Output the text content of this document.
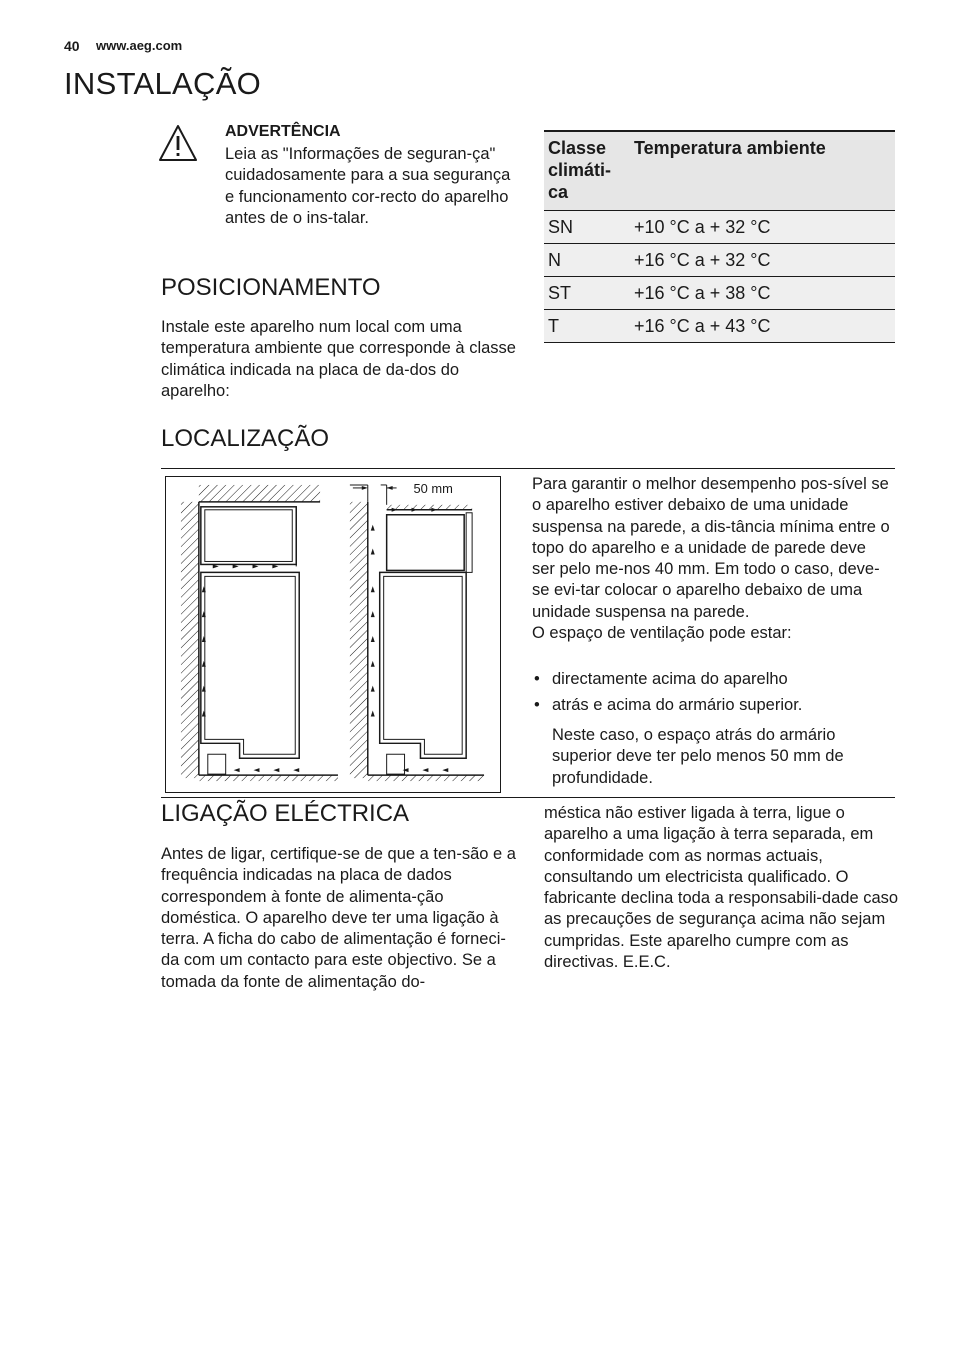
40 www.aeg.com
INSTALAÇÃO
ADVERTÊNCIA

Leia as "Informações de seguran-ça" cuidadosamente para a sua segurança e funcionamento cor-recto do aparelho antes de o ins-talar.

POSICIONAMENTO

Instale este aparelho num local com uma temperatura ambiente que corresponde à classe climática indicada na placa de da-dos do aparelho:

Classe climáti-ca	Temperatura ambiente
SN	+10 °C a + 32 °C
N	+16 °C a + 32 °C
ST	+16 °C a + 38 °C
T	+16 °C a + 43 °C
LOCALIZAÇÃO
50 mm	Para garantir o melhor desempenho pos-sível se o aparelho estiver debaixo de uma unidade suspensa na parede, a dis-tância mínima entre o topo do aparelho e a unidade de parede deve ser pelo me-nos 40 mm. Em todo o caso, deve-se evi-tar colocar o aparelho debaixo de uma unidade suspensa na parede.
O espaço de ventilação pode estar:

• directamente acima do aparelho
• atrás e acima do armário superior.

Neste caso, o espaço atrás do armário superior deve ter pelo menos 50 mm de profundidade.

LIGAÇÃO ELÉCTRICA

Antes de ligar, certifique-se de que a ten-são e a frequência indicadas na placa de dados correspondem à fonte de alimenta-ção doméstica. O aparelho deve ter uma ligação à terra. A ficha do cabo de alimentação é forneci-da com um contacto para este objectivo. Se a tomada da fonte de alimentação do-

méstica não estiver ligada à terra, ligue o aparelho a uma ligação à terra separada, em conformidade com as normas actuais, consultando um electricista qualificado. O fabricante declina toda a responsabili-dade caso as precauções de segurança acima não sejam cumpridas. Este aparelho cumpre com as directivas. E.E.C.
